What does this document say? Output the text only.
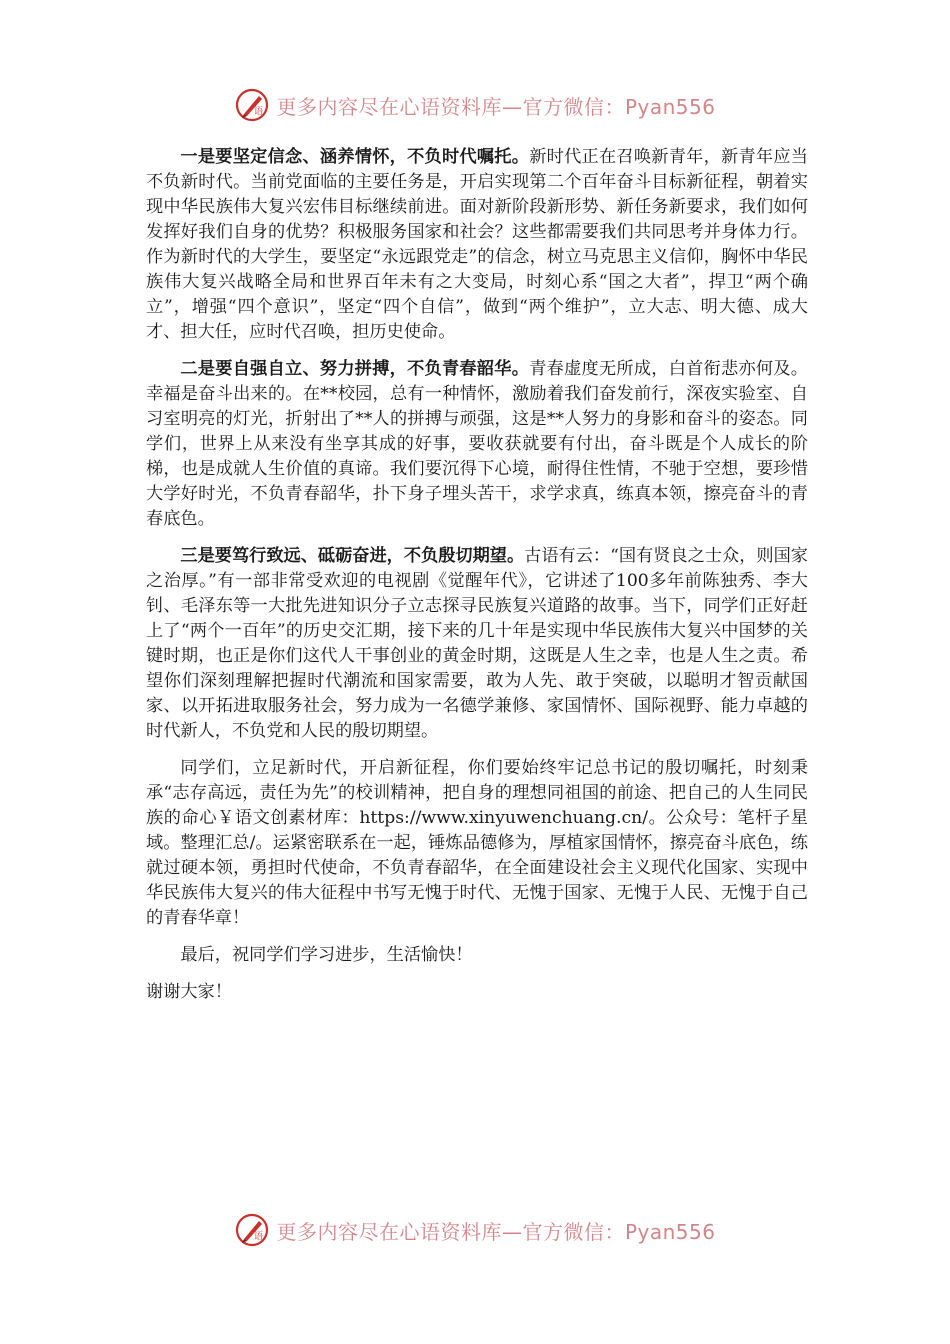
语 更多内容尽在心语资料库—官方微信：Pyan556

一是要坚定信念、涵养情怀，不负时代嘱托。新时代正在召唤新青年，新青年应当不负新时代。当前党面临的主要任务是，开启实现第二个百年奋斗目标新征程，朝着实现中华民族伟大复兴宏伟目标继续前进。面对新阶段新形势、新任务新要求，我们如何发挥好我们自身的优势？积极服务国家和社会？这些都需要我们共同思考并身体力行。作为新时代的大学生，要坚定“永远跟党走”的信念，树立马克思主义信仰，胸怀中华民族伟大复兴战略全局和世界百年未有之大变局，时刻心系“国之大者”，捍卫“两个确立”，增强“四个意识”，坚定“四个自信”，做到“两个维护”，立大志、明大德、成大才、担大任，应时代召唤，担历史使命。

二是要自强自立、努力拼搏，不负青春韶华。青春虚度无所成，白首衔悲亦何及。幸福是奋斗出来的。在**校园，总有一种情怀，激励着我们奋发前行，深夜实验室、自习室明亮的灯光，折射出了**人的拼搏与顽强，这是**人努力的身影和奋斗的姿态。同学们，世界上从来没有坐享其成的好事，要收获就要有付出，奋斗既是个人成长的阶梯，也是成就人生价值的真谛。我们要沉得下心境，耐得住性情，不驰于空想，要珍惜大学好时光，不负青春韶华，扑下身子埋头苦干，求学求真，练真本领，擦亮奋斗的青春底色。

三是要笃行致远、砥砺奋进，不负殷切期望。古语有云：“国有贤良之士众，则国家之治厚。”有一部非常受欢迎的电视剧《觉醒年代》，它讲述了100多年前陈独秀、李大钊、毛泽东等一大批先进知识分子立志探寻民族复兴道路的故事。当下，同学们正好赶上了“两个一百年”的历史交汇期，接下来的几十年是实现中华民族伟大复兴中国梦的关键时期，也正是你们这代人干事创业的黄金时期，这既是人生之幸，也是人生之责。希望你们深刻理解把握时代潮流和国家需要，敢为人先、敢于突破，以聪明才智贡献国家、以开拓进取服务社会，努力成为一名德学兼修、家国情怀、国际视野、能力卓越的时代新人，不负党和人民的殷切期望。

同学们，立足新时代，开启新征程，你们要始终牢记总书记的殷切嘱托，时刻秉承“志存高远，责任为先”的校训精神，把自身的理想同祖国的前途、把自己的人生同民族的命心￥语文创素材库：https://www.xinyuwenchuang.cn/。公众号：笔杆子星域。整理汇总/。运紧密联系在一起，锤炼品德修为，厚植家国情怀，擦亮奋斗底色，练就过硬本领，勇担时代使命，不负青春韶华，在全面建设社会主义现代化国家、实现中华民族伟大复兴的伟大征程中书写无愧于时代、无愧于国家、无愧于人民、无愧于自己的青春华章！

最后，祝同学们学习进步，生活愉快！

谢谢大家！

语 更多内容尽在心语资料库—官方微信：Pyan556
